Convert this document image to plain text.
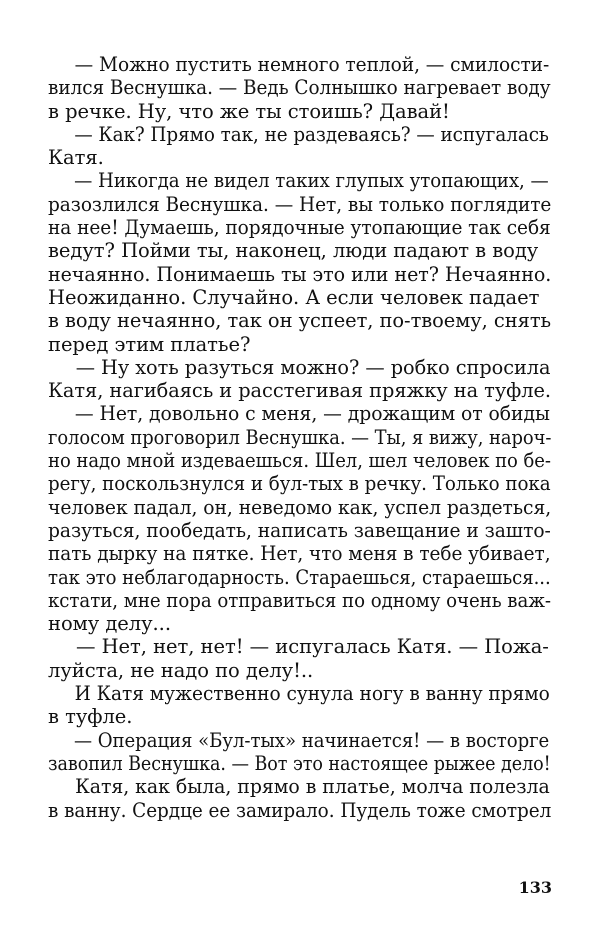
— Можно пустить немного теплой, — смилости-
вился Веснушка. — Ведь Солнышко нагревает воду
в речке. Ну, что же ты стоишь? Давай!
— Как? Прямо так, не раздеваясь? — испугалась
Катя.
— Никогда не видел таких глупых утопающих, —
разозлился Веснушка. — Нет, вы только поглядите
на нее! Думаешь, порядочные утопающие так себя
ведут? Пойми ты, наконец, люди падают в воду
нечаянно. Понимаешь ты это или нет? Нечаянно.
Неожиданно. Случайно. А если человек падает
в воду нечаянно, так он успеет, по-твоему, снять
перед этим платье?
— Ну хоть разуться можно? — робко спросила
Катя, нагибаясь и расстегивая пряжку на туфле.
— Нет, довольно с меня, — дрожащим от обиды
голосом проговорил Веснушка. — Ты, я вижу, нароч-
но надо мной издеваешься. Шел, шел человек по бе-
регу, поскользнулся и бул-тых в речку. Только пока
человек падал, он, неведомо как, успел раздеться,
разуться, пообедать, написать завещание и зашто-
пать дырку на пятке. Нет, что меня в тебе убивает,
так это неблагодарность. Стараешься, стараешься...
кстати, мне пора отправиться по одному очень важ-
ному делу...
— Нет, нет, нет! — испугалась Катя. — Пожа-
луйста, не надо по делу!..
И Катя мужественно сунула ногу в ванну прямо
в туфле.
— Операция «Бул-тых» начинается! — в восторге
завопил Веснушка. — Вот это настоящее рыжее дело!
Катя, как была, прямо в платье, молча полезла
в ванну. Сердце ее замирало. Пудель тоже смотрел
133
